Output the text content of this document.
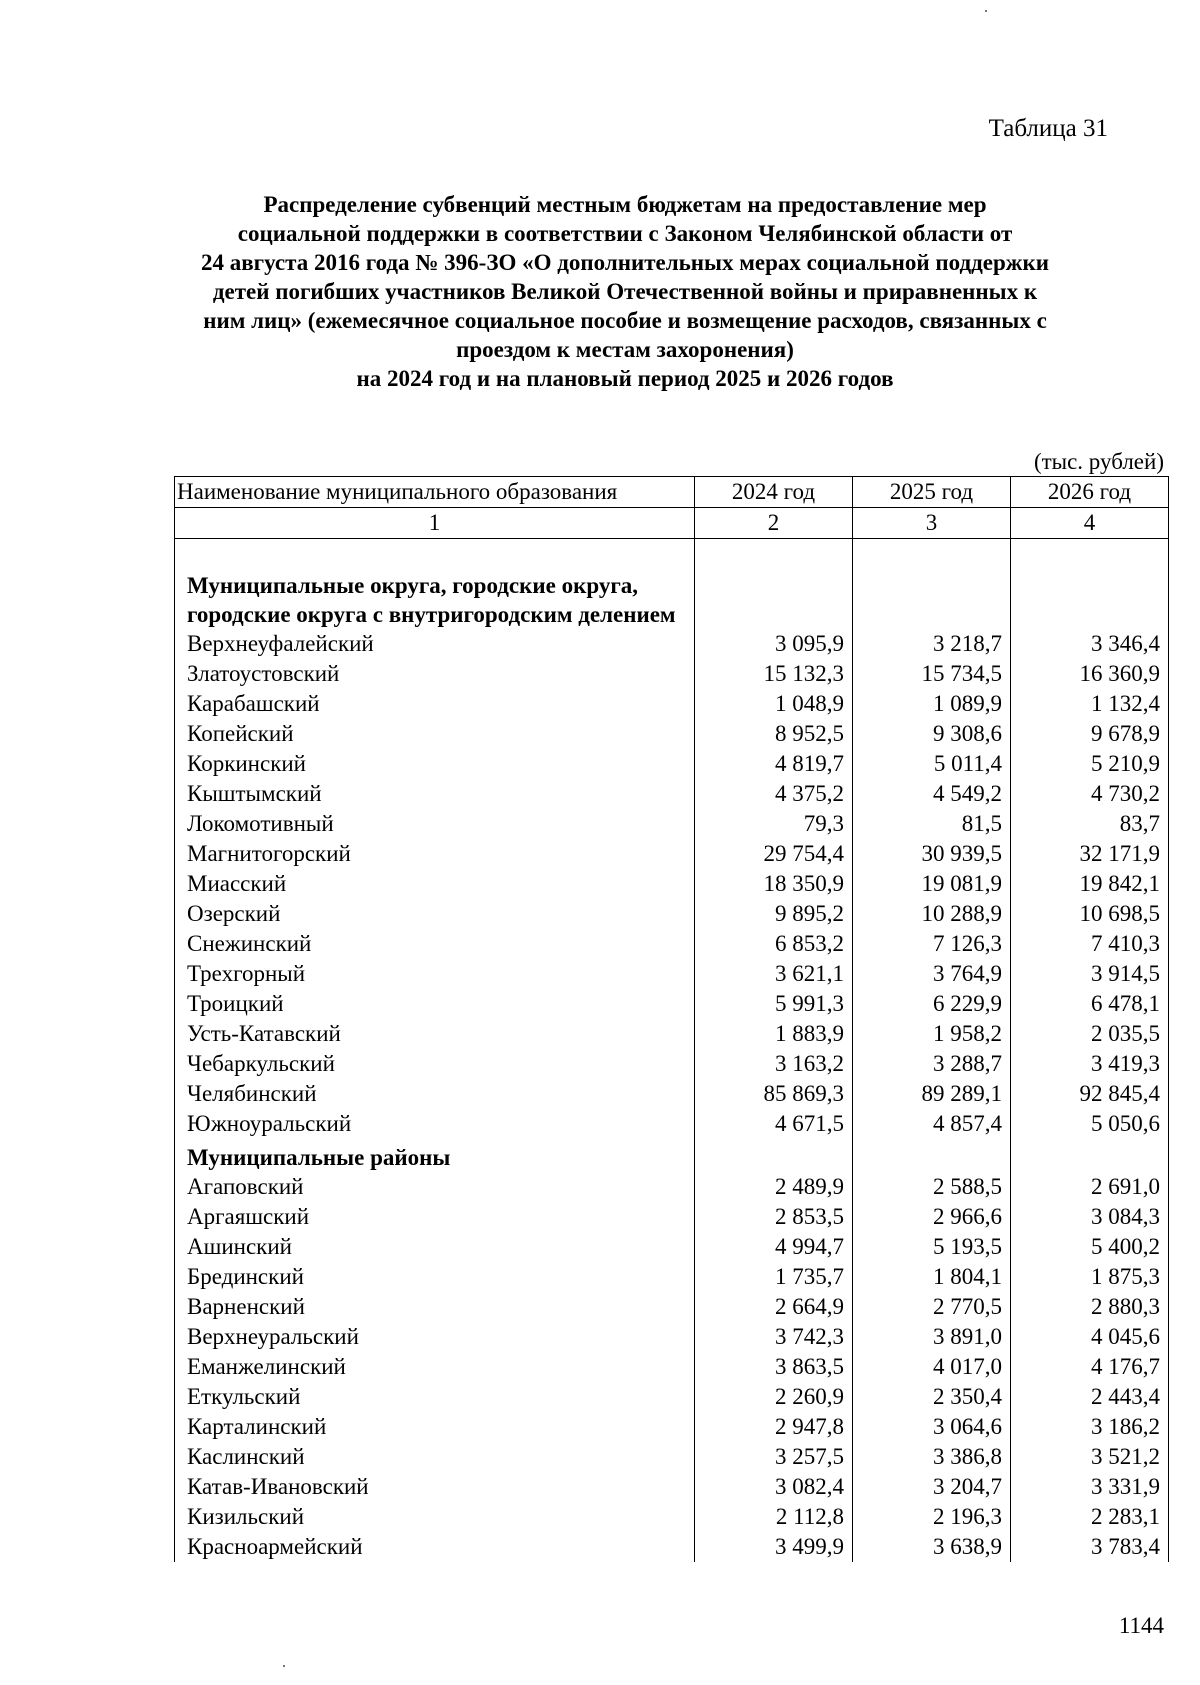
Таблица 31
Распределение субвенций местным бюджетам на предоставление мер
социальной поддержки в соответствии с Законом Челябинской области от
24 августа 2016 года № 396-ЗО «О дополнительных мерах социальной поддержки
детей погибших участников Великой Отечественной войны и приравненных к
ним лиц» (ежемесячное социальное пособие и возмещение расходов, связанных с
проездом к местам захоронения)
на 2024 год и на плановый период 2025 и 2026 годов
(тыс. рублей)
Наименование муниципального образования	2024 год	2025 год	2026 год
1	2	3	4
Муниципальные округа, городские округа, городские округа с внутригородским делением			
Верхнеуфалейский	3 095,9	3 218,7	3 346,4
Златоустовский	15 132,3	15 734,5	16 360,9
Карабашский	1 048,9	1 089,9	1 132,4
Копейский	8 952,5	9 308,6	9 678,9
Коркинский	4 819,7	5 011,4	5 210,9
Кыштымский	4 375,2	4 549,2	4 730,2
Локомотивный	79,3	81,5	83,7
Магнитогорский	29 754,4	30 939,5	32 171,9
Миасский	18 350,9	19 081,9	19 842,1
Озерский	9 895,2	10 288,9	10 698,5
Снежинский	6 853,2	7 126,3	7 410,3
Трехгорный	3 621,1	3 764,9	3 914,5
Троицкий	5 991,3	6 229,9	6 478,1
Усть-Катавский	1 883,9	1 958,2	2 035,5
Чебаркульский	3 163,2	3 288,7	3 419,3
Челябинский	85 869,3	89 289,1	92 845,4
Южноуральский	4 671,5	4 857,4	5 050,6
Муниципальные районы			
Агаповский	2 489,9	2 588,5	2 691,0
Аргаяшский	2 853,5	2 966,6	3 084,3
Ашинский	4 994,7	5 193,5	5 400,2
Брединский	1 735,7	1 804,1	1 875,3
Варненский	2 664,9	2 770,5	2 880,3
Верхнеуральский	3 742,3	3 891,0	4 045,6
Еманжелинский	3 863,5	4 017,0	4 176,7
Еткульский	2 260,9	2 350,4	2 443,4
Карталинский	2 947,8	3 064,6	3 186,2
Каслинский	3 257,5	3 386,8	3 521,2
Катав-Ивановский	3 082,4	3 204,7	3 331,9
Кизильский	2 112,8	2 196,3	2 283,1
Красноармейский	3 499,9	3 638,9	3 783,4
1144
